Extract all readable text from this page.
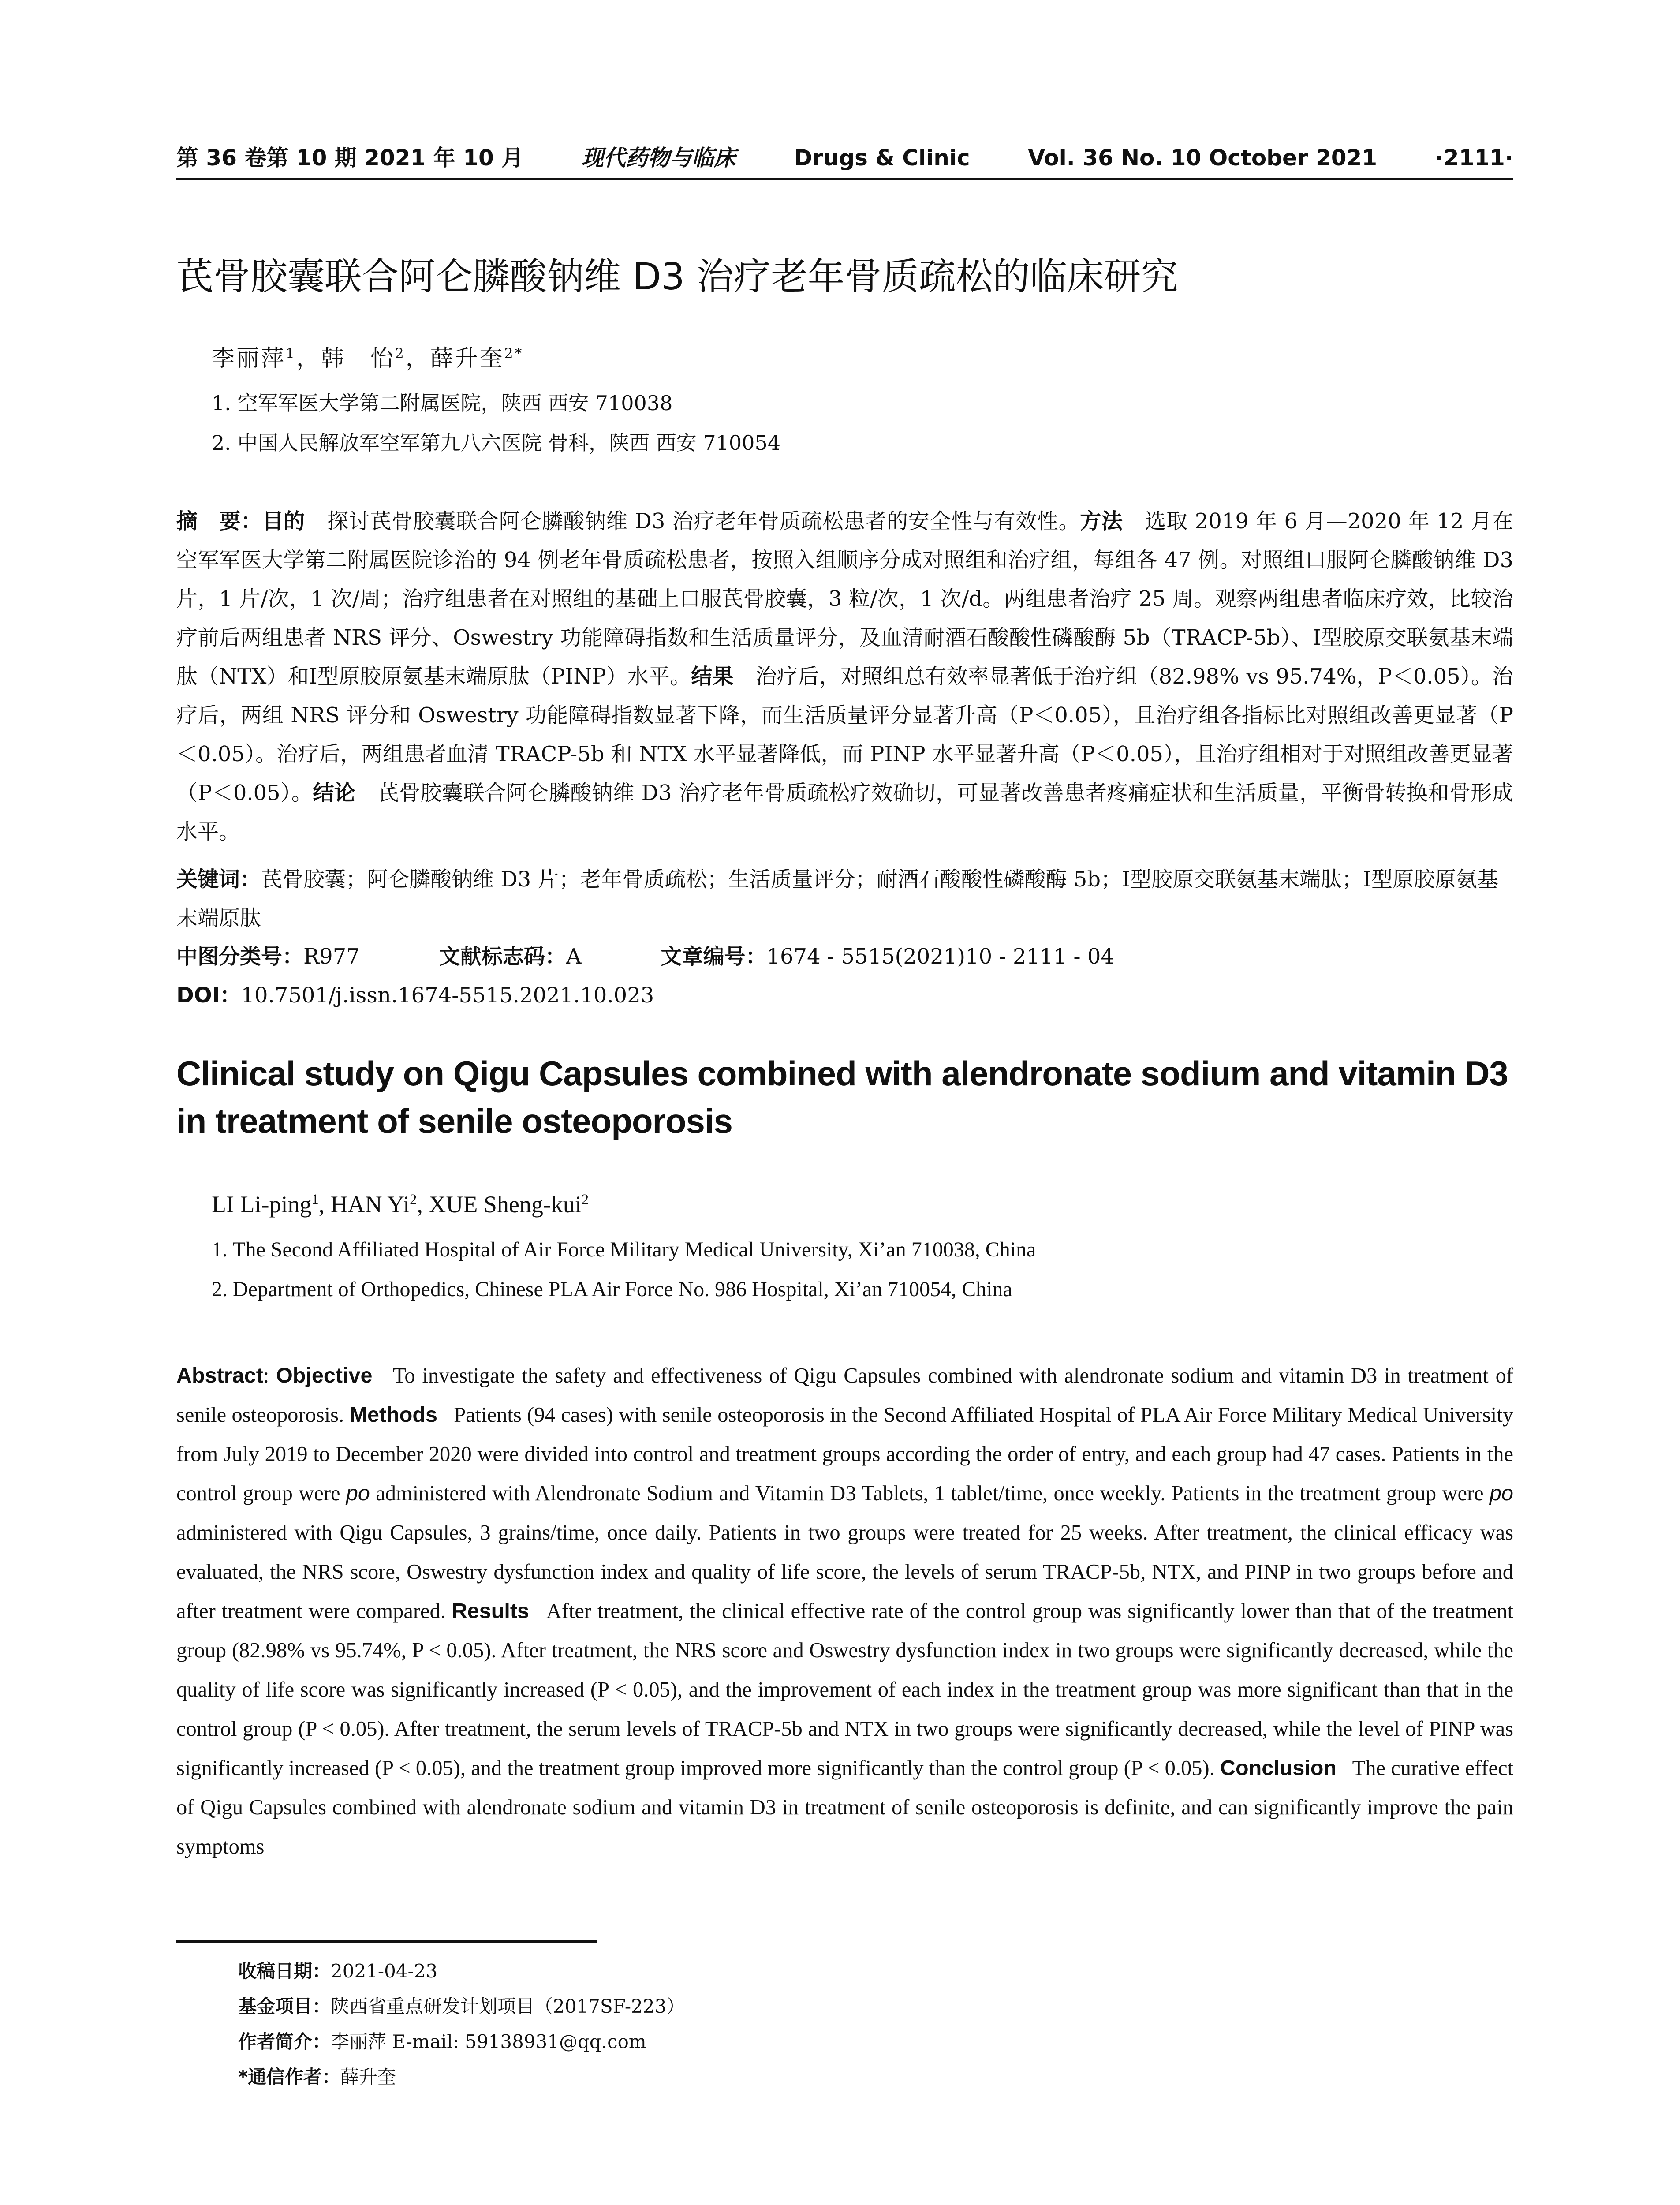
第 36 卷第 10 期 2021 年 10 月	现代药物与临床	Drugs & Clinic	Vol. 36 No. 10 October 2021	·2111·
芪骨胶囊联合阿仑膦酸钠维 D3 治疗老年骨质疏松的临床研究
李丽萍$^1$，韩　怡$^2$，薛升奎$^{2*}$
1. 空军军医大学第二附属医院，陕西 西安 710038
2. 中国人民解放军空军第九八六医院 骨科，陕西 西安 710054

摘　要：目的 探讨芪骨胶囊联合阿仑膦酸钠维 D3 治疗老年骨质疏松患者的安全性与有效性。方法 选取 2019 年 6 月—2020 年 12 月在空军军医大学第二附属医院诊治的 94 例老年骨质疏松患者，按照入组顺序分成对照组和治疗组，每组各 47 例。对照组口服阿仑膦酸钠维 D3 片，1 片/次，1 次/周；治疗组患者在对照组的基础上口服芪骨胶囊，3 粒/次，1 次/d。两组患者治疗 25 周。观察两组患者临床疗效，比较治疗前后两组患者 NRS 评分、Oswestry 功能障碍指数和生活质量评分，及血清耐酒石酸酸性磷酸酶 5b（TRACP-5b）、Ⅰ型胶原交联氨基末端肽（NTX）和Ⅰ型原胶原氨基末端原肽（PINP）水平。结果 治疗后，对照组总有效率显著低于治疗组（82.98% vs 95.74%，P＜0.05）。治疗后，两组 NRS 评分和 Oswestry 功能障碍指数显著下降，而生活质量评分显著升高（P＜0.05），且治疗组各指标比对照组改善更显著（P＜0.05）。治疗后，两组患者血清 TRACP-5b 和 NTX 水平显著降低，而 PINP 水平显著升高（P＜0.05），且治疗组相对于对照组改善更显著（P＜0.05）。结论 芪骨胶囊联合阿仑膦酸钠维 D3 治疗老年骨质疏松疗效确切，可显著改善患者疼痛症状和生活质量，平衡骨转换和骨形成水平。

关键词：芪骨胶囊；阿仑膦酸钠维 D3 片；老年骨质疏松；生活质量评分；耐酒石酸酸性磷酸酶 5b；Ⅰ型胶原交联氨基末端肽；Ⅰ型原胶原氨基末端原肽

中图分类号：R977	文献标志码：A	文章编号：1674 - 5515(2021)10 - 2111 - 04
DOI：10.7501/j.issn.1674-5515.2021.10.023
Clinical study on Qigu Capsules combined with alendronate sodium and vitamin D3 in treatment of senile osteoporosis
LI Li-ping$^1$, HAN Yi$^2$, XUE Sheng-kui$^2$
1. The Second Affiliated Hospital of Air Force Military Medical University, Xi’an 710038, China
2. Department of Orthopedics, Chinese PLA Air Force No. 986 Hospital, Xi’an 710054, China

Abstract: Objective To investigate the safety and effectiveness of Qigu Capsules combined with alendronate sodium and vitamin D3 in treatment of senile osteoporosis. Methods Patients (94 cases) with senile osteoporosis in the Second Affiliated Hospital of PLA Air Force Military Medical University from July 2019 to December 2020 were divided into control and treatment groups according the order of entry, and each group had 47 cases. Patients in the control group were po administered with Alendronate Sodium and Vitamin D3 Tablets, 1 tablet/time, once weekly. Patients in the treatment group were po administered with Qigu Capsules, 3 grains/time, once daily. Patients in two groups were treated for 25 weeks. After treatment, the clinical efficacy was evaluated, the NRS score, Oswestry dysfunction index and quality of life score, the levels of serum TRACP-5b, NTX, and PINP in two groups before and after treatment were compared. Results After treatment, the clinical effective rate of the control group was significantly lower than that of the treatment group (82.98% vs 95.74%, P < 0.05). After treatment, the NRS score and Oswestry dysfunction index in two groups were significantly decreased, while the quality of life score was significantly increased (P < 0.05), and the improvement of each index in the treatment group was more significant than that in the control group (P < 0.05). After treatment, the serum levels of TRACP-5b and NTX in two groups were significantly decreased, while the level of PINP was significantly increased (P < 0.05), and the treatment group improved more significantly than the control group (P < 0.05). Conclusion The curative effect of Qigu Capsules combined with alendronate sodium and vitamin D3 in treatment of senile osteoporosis is definite, and can significantly improve the pain symptoms

收稿日期：2021-04-23
基金项目：陕西省重点研发计划项目（2017SF-223）
作者简介：李丽萍 E-mail: 59138931@qq.com
*通信作者：薛升奎
